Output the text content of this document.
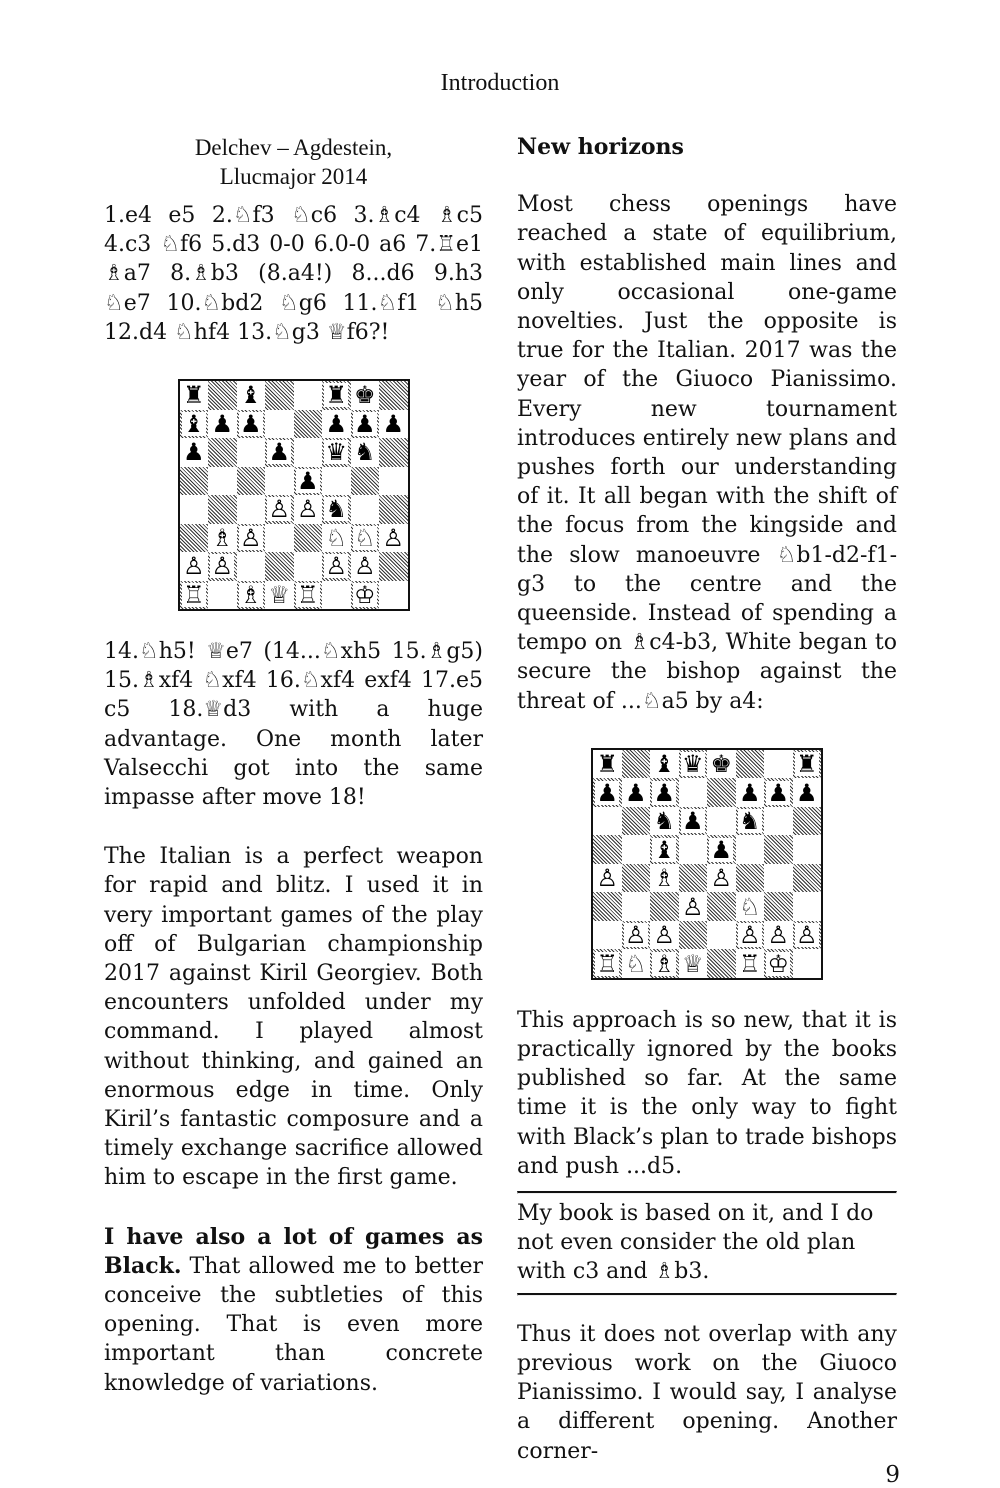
Introduction

Delchev – Agdestein,
Llucmajor 2014

1.e4 e5 2.♘f3 ♘c6 3.♗c4 ♗c5 4.c3 ♘f6 5.d3 0-0 6.0-0 a6 7.♖e1 ♗a7 8.♗b3 (8.a4!) 8...d6 9.h3 ♘e7 10.♘bd2 ♘g6 11.♘f1 ♘h5 12.d4 ♘hf4 13.♘g3 ♕f6?!

♜ ♝	♜ ♚
♝ ♟ ♟	♟ ♟ ♟
♟	♟ ♛ ♞
♟
♙ ♙ ♞
♗ ♙	♘ ♘ ♙
♙ ♙	♙ ♙
♖ ♗ ♕ ♖ ♔

14.♘h5! ♕e7 (14...♘xh5 15.♗g5) 15.♗xf4 ♘xf4 16.♘xf4 exf4 17.e5 c5 18.♕d3 with a huge advantage. One month later Valsecchi got into the same impasse after move 18!

The Italian is a perfect weapon for rapid and blitz. I used it in very important games of the play off of Bulgarian championship 2017 against Kiril Georgiev. Both encounters unfolded under my command. I played almost without thinking, and gained an enormous edge in time. Only Kiril’s fantastic composure and a timely exchange sacrifice allowed him to escape in the first game.

I have also a lot of games as Black. That allowed me to better conceive the subtleties of this opening. That is even more important than concrete knowledge of variations.

New horizons

Most chess openings have reached a state of equilibrium, with established main lines and only occasional one-game novelties. Just the opposite is true for the Italian. 2017 was the year of the Giuoco Pianissimo. Every new tournament introduces entirely new plans and pushes forth our understanding of it. It all began with the shift of the focus from the kingside and the slow manoeuvre ♘b1-d2-f1-g3 to the centre and the queenside. Instead of spending a tempo on ♗c4-b3, White began to secure the bishop against the threat of ...♘a5 by a4:

♜ ♝ ♛ ♚	♜
♟ ♟ ♟	♟ ♟ ♟
♞ ♟ ♞
♝ ♟
♙ ♗ ♙
♙ ♘
♙ ♙	♙ ♙ ♙
♖ ♘ ♗ ♕ ♖ ♔

This approach is so new, that it is practically ignored by the books published so far. At the same time it is the only way to fight with Black’s plan to trade bishops and push ...d5.

My book is based on it, and I do not even consider the old plan with c3 and ♗b3.

Thus it does not overlap with any previous work on the Giuoco Pianissimo. I would say, I analyse a different opening. Another corner-

9
